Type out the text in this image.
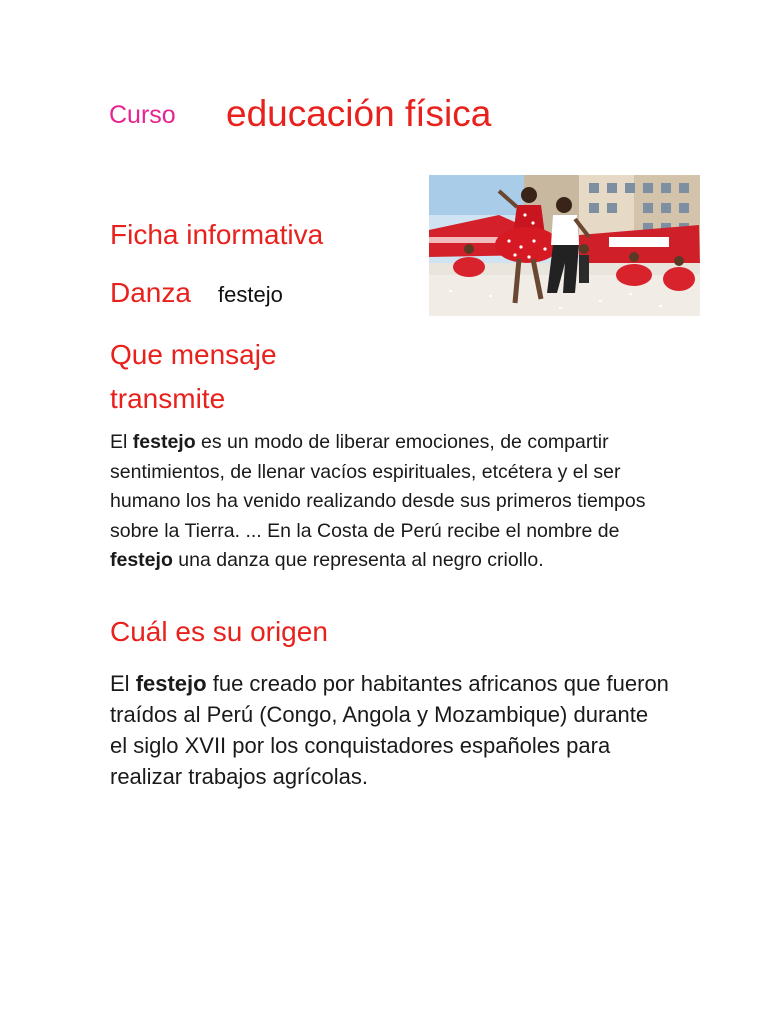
Curso educación física

Ficha informativa

Danza festejo

Que mensaje
transmite

El festejo es un modo de liberar emociones, de compartir sentimientos, de llenar vacíos espirituales, etcétera y el ser humano los ha venido realizando desde sus primeros tiempos sobre la Tierra. ... En la Costa de Perú recibe el nombre de festejo una danza que representa al negro criollo.

Cuál es su origen

El festejo fue creado por habitantes africanos que fueron traídos al Perú (Congo, Angola y Mozambique) durante el siglo XVII por los conquistadores españoles para realizar trabajos agrícolas.
